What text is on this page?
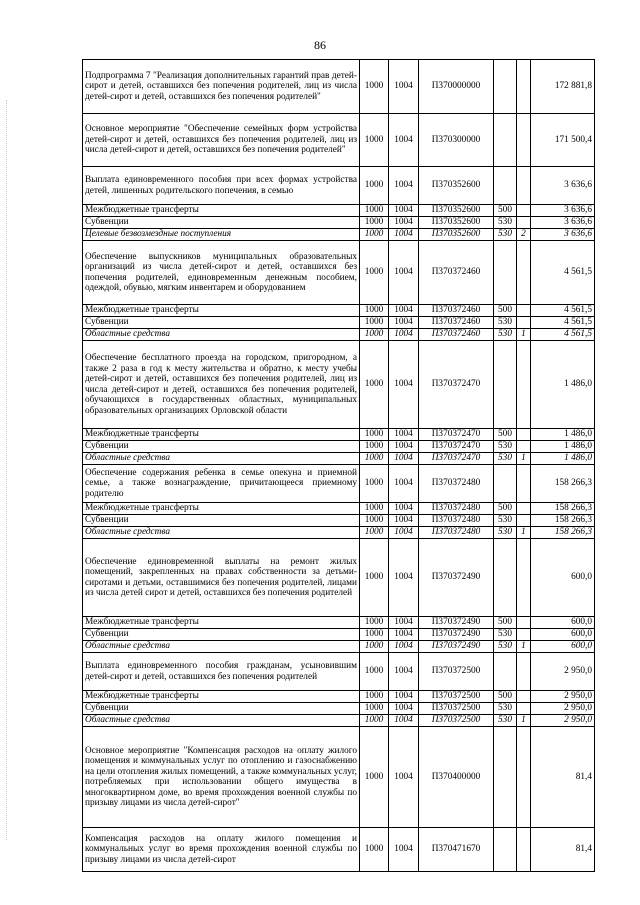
86
Подпрограмма 7 "Реализация дополнительных гарантий прав детей-сирот и детей, оставшихся без попечения родителей, лиц из числа детей-сирот и детей, оставшихся без попечения родителей"	1000	1004	П370000000			172 881,8
Основное мероприятие "Обеспечение семейных форм устройства детей-сирот и детей, оставшихся без попечения родителей, лиц из числа детей-сирот и детей, оставшихся без попечения родителей"	1000	1004	П370300000			171 500,4
Выплата единовременного пособия при всех формах устройства детей, лишенных родительского попечения, в семью	1000	1004	П370352600			3 636,6
Межбюджетные трансферты	1000	1004	П370352600	500		3 636,6
Субвенции	1000	1004	П370352600	530		3 636,6
Целевые безвозмездные поступления	1000	1004	П370352600	530	2	3 636,6
Обеспечение выпускников муниципальных образовательных организаций из числа детей-сирот и детей, оставшихся без попечения родителей, единовременным денежным пособием, одеждой, обувью, мягким инвентарем и оборудованием	1000	1004	П370372460			4 561,5
Межбюджетные трансферты	1000	1004	П370372460	500		4 561,5
Субвенции	1000	1004	П370372460	530		4 561,5
Областные средства	1000	1004	П370372460	530	1	4 561,5
Обеспечение бесплатного проезда на городском, пригородном, а также 2 раза в год к месту жительства и обратно, к месту учебы детей-сирот и детей, оставшихся без попечения родителей, лиц из числа детей-сирот и детей, оставшихся без попечения родителей, обучающихся в государственных областных, муниципальных образовательных организациях Орловской области	1000	1004	П370372470			1 486,0
Межбюджетные трансферты	1000	1004	П370372470	500		1 486,0
Субвенции	1000	1004	П370372470	530		1 486,0
Областные средства	1000	1004	П370372470	530	1	1 486,0
Обеспечение содержания ребенка в семье опекуна и приемной семье, а также вознаграждение, причитающееся приемному родителю	1000	1004	П370372480			158 266,3
Межбюджетные трансферты	1000	1004	П370372480	500		158 266,3
Субвенции	1000	1004	П370372480	530		158 266,3
Областные средства	1000	1004	П370372480	530	1	158 266,3
Обеспечение единовременной выплаты на ремонт жилых помещений, закрепленных на правах собственности за детьми-сиротами и детьми, оставшимися без попечения родителей, лицами из числа детей сирот и детей, оставшихся без попечения родителей	1000	1004	П370372490			600,0
Межбюджетные трансферты	1000	1004	П370372490	500		600,0
Субвенции	1000	1004	П370372490	530		600,0
Областные средства	1000	1004	П370372490	530	1	600,0
Выплата единовременного пособия гражданам, усыновившим детей-сирот и детей, оставшихся без попечения родителей	1000	1004	П370372500			2 950,0
Межбюджетные трансферты	1000	1004	П370372500	500		2 950,0
Субвенции	1000	1004	П370372500	530		2 950,0
Областные средства	1000	1004	П370372500	530	1	2 950,0
Основное мероприятие "Компенсация расходов на оплату жилого помещения и коммунальных услуг по отоплению и газоснабжению на цели отопления жилых помещений, а также коммунальных услуг, потребляемых при использовании общего имущества в многоквартирном доме, во время прохождения военной службы по призыву лицами из числа детей-сирот"	1000	1004	П370400000			81,4
Компенсация расходов на оплату жилого помещения и коммунальных услуг во время прохождения военной службы по призыву лицами из числа детей-сирот	1000	1004	П370471670			81,4
